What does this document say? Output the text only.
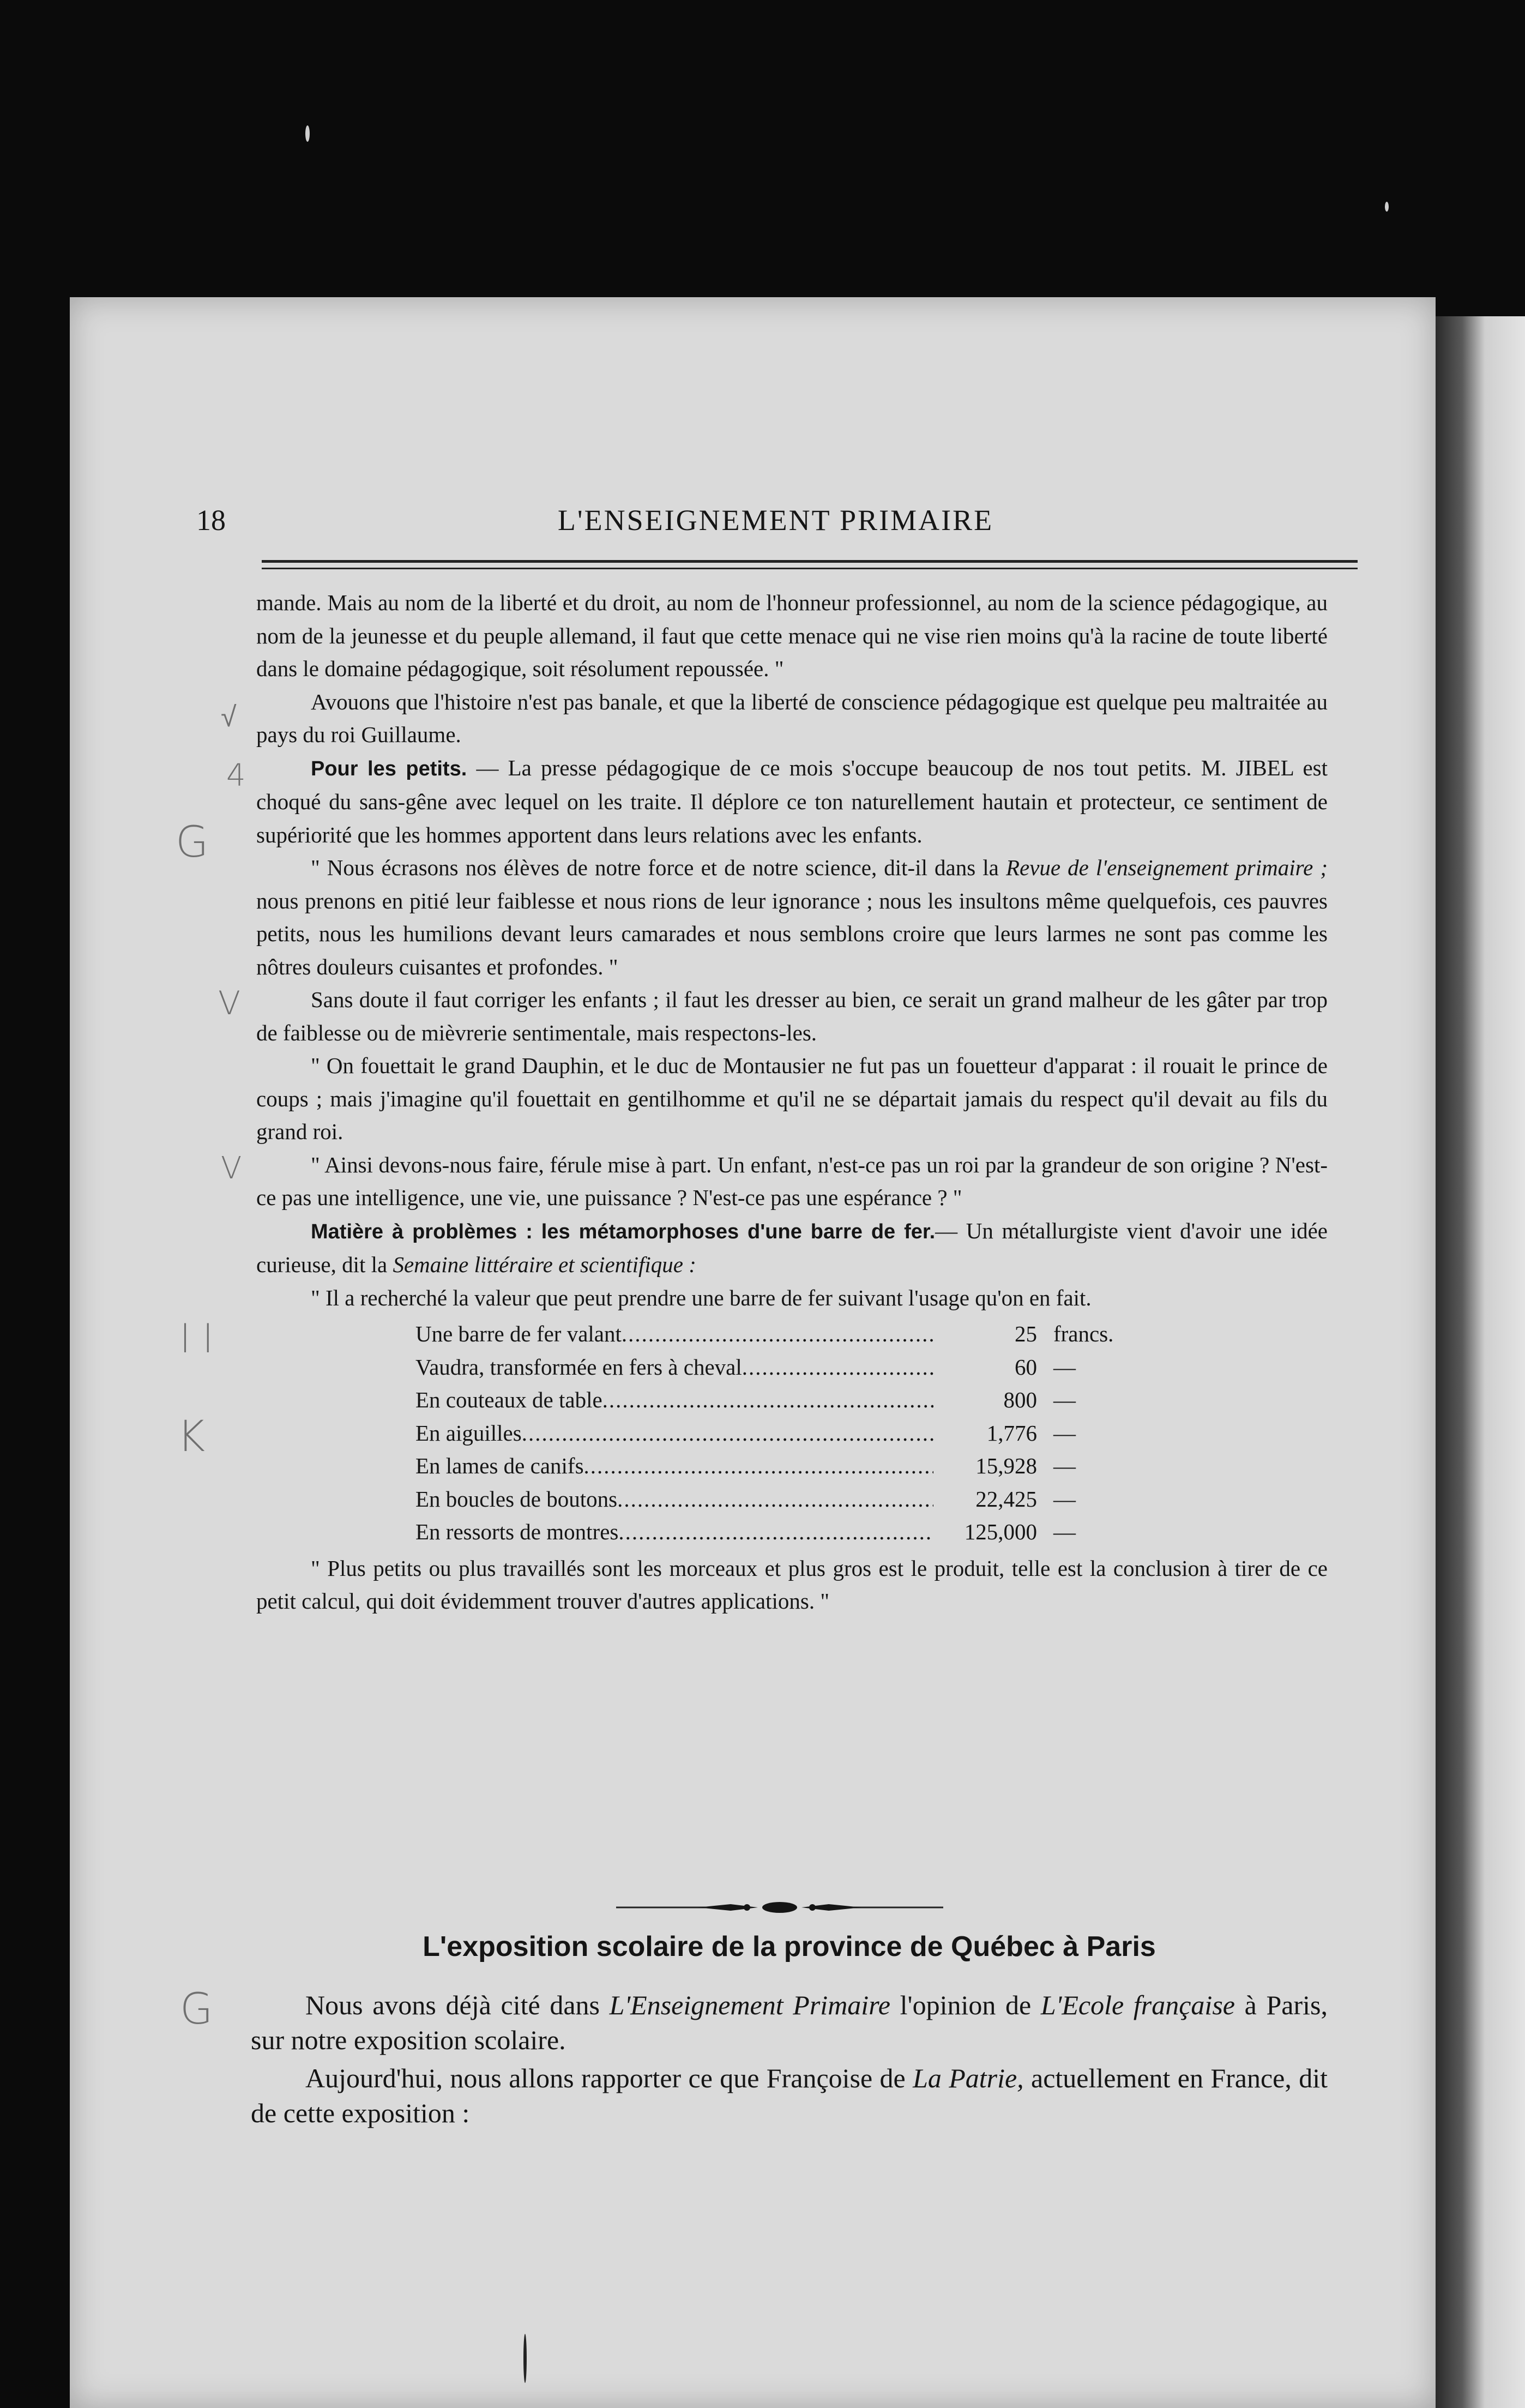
18	L'ENSEIGNEMENT PRIMAIRE

mande. Mais au nom de la liberté et du droit, au nom de l'honneur professionnel, au nom de la science pédagogique, au nom de la jeunesse et du peuple allemand, il faut que cette menace qui ne vise rien moins qu'à la racine de toute liberté dans le domaine pédagogique, soit résolument repoussée. "

Avouons que l'histoire n'est pas banale, et que la liberté de conscience pédagogique est quelque peu maltraitée au pays du roi Guillaume.

Pour les petits. — La presse pédagogique de ce mois s'occupe beaucoup de nos tout petits. M. JIBEL est choqué du sans-gêne avec lequel on les traite. Il déplore ce ton naturellement hautain et protecteur, ce sentiment de supériorité que les hommes apportent dans leurs relations avec les enfants.

" Nous écrasons nos élèves de notre force et de notre science, dit-il dans la Revue de l'enseignement primaire ; nous prenons en pitié leur faiblesse et nous rions de leur ignorance ; nous les insultons même quelquefois, ces pauvres petits, nous les humilions devant leurs camarades et nous semblons croire que leurs larmes ne sont pas comme les nôtres douleurs cuisantes et profondes. "

Sans doute il faut corriger les enfants ; il faut les dresser au bien, ce serait un grand malheur de les gâter par trop de faiblesse ou de mièvrerie sentimentale, mais respectons-les.

" On fouettait le grand Dauphin, et le duc de Montausier ne fut pas un fouetteur d'apparat : il rouait le prince de coups ; mais j'imagine qu'il fouettait en gentilhomme et qu'il ne se départait jamais du respect qu'il devait au fils du grand roi.

" Ainsi devons-nous faire, férule mise à part. Un enfant, n'est-ce pas un roi par la grandeur de son origine ? N'est-ce pas une intelligence, une vie, une puissance ? N'est-ce pas une espérance ? "

Matière à problèmes : les métamorphoses d'une barre de fer.— Un métallurgiste vient d'avoir une idée curieuse, dit la Semaine littéraire et scientifique :

" Il a recherché la valeur que peut prendre une barre de fer suivant l'usage qu'on en fait.

Une barre de fer valant .....	25 francs.
Vaudra, transformée en fers à cheval .....	60 —
En couteaux de table .....	800 —
En aiguilles .....	1,776 —
En lames de canifs .....	15,928 —
En boucles de boutons .....	22,425 —
En ressorts de montres .....	125,000 —

" Plus petits ou plus travaillés sont les morceaux et plus gros est le produit, telle est la conclusion à tirer de ce petit calcul, qui doit évidemment trouver d'autres applications. "

L'exposition scolaire de la province de Québec à Paris

Nous avons déjà cité dans L'Enseignement Primaire l'opinion de L'Ecole française à Paris, sur notre exposition scolaire.

Aujourd'hui, nous allons rapporter ce que Françoise de La Patrie, actuellement en France, dit de cette exposition :

√
4
G
V
V
l l
K
G
